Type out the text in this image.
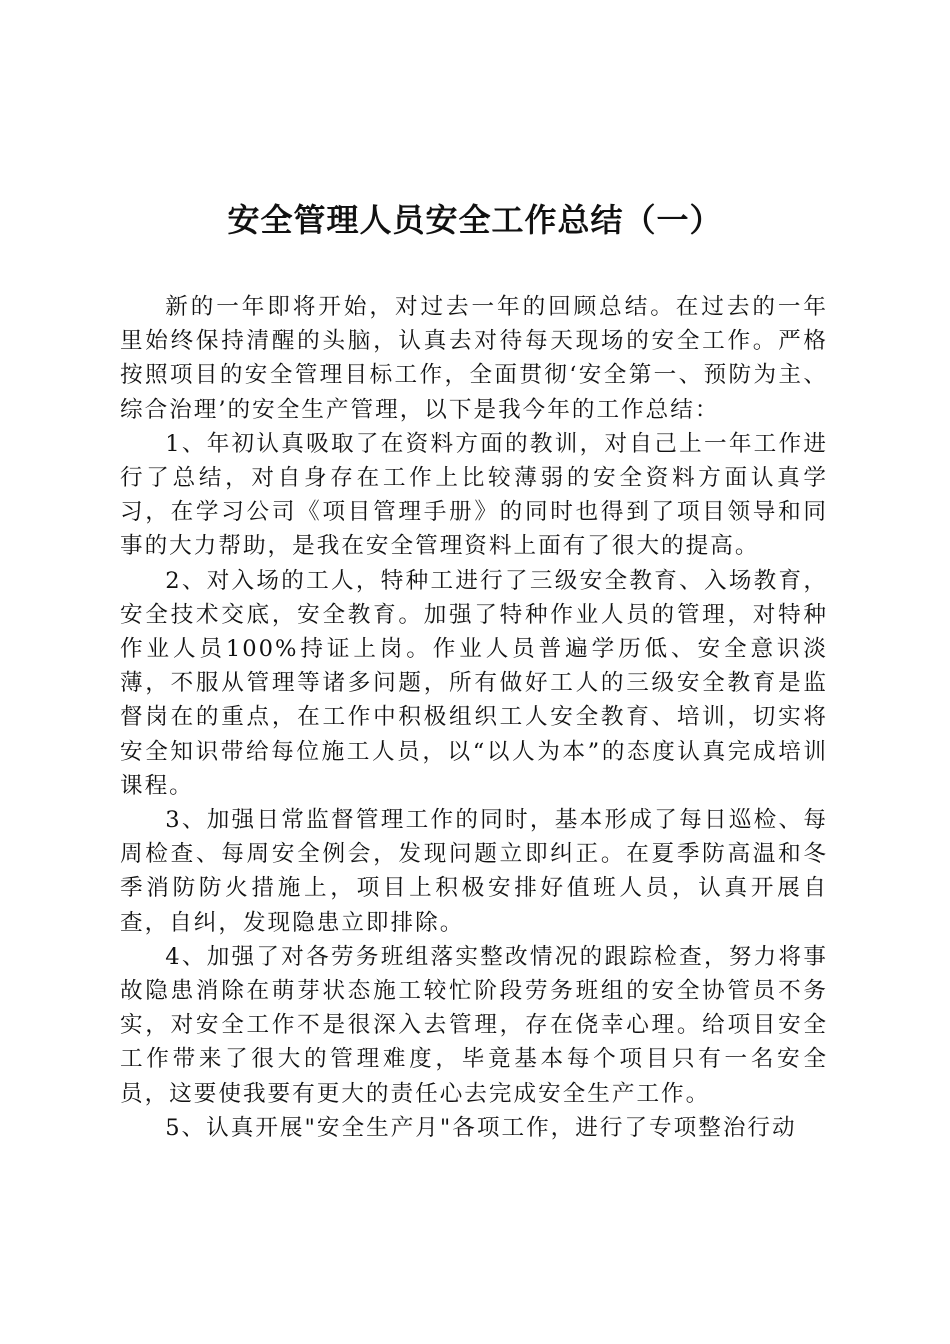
安全管理人员安全工作总结（一）

新的一年即将开始，对过去一年的回顾总结。在过去的一年里始终保持清醒的头脑，认真去对待每天现场的安全工作。严格按照项目的安全管理目标工作，全面贯彻‘安全第一、预防为主、综合治理’的安全生产管理，以下是我今年的工作总结：

1、年初认真吸取了在资料方面的教训，对自己上一年工作进行了总结，对自身存在工作上比较薄弱的安全资料方面认真学习，在学习公司《项目管理手册》的同时也得到了项目领导和同事的大力帮助，是我在安全管理资料上面有了很大的提高。

2、对入场的工人，特种工进行了三级安全教育、入场教育，安全技术交底，安全教育。加强了特种作业人员的管理，对特种作业人员100%持证上岗。作业人员普遍学历低、安全意识淡薄，不服从管理等诸多问题，所有做好工人的三级安全教育是监督岗在的重点，在工作中积极组织工人安全教育、培训，切实将安全知识带给每位施工人员，以“以人为本”的态度认真完成培训课程。

3、加强日常监督管理工作的同时，基本形成了每日巡检、每周检查、每周安全例会，发现问题立即纠正。在夏季防高温和冬季消防防火措施上，项目上积极安排好值班人员，认真开展自查，自纠，发现隐患立即排除。

4、加强了对各劳务班组落实整改情况的跟踪检查，努力将事故隐患消除在萌芽状态施工较忙阶段劳务班组的安全协管员不务实，对安全工作不是很深入去管理，存在侥幸心理。给项目安全工作带来了很大的管理难度，毕竟基本每个项目只有一名安全员，这要使我要有更大的责任心去完成安全生产工作。

5、认真开展"安全生产月"各项工作，进行了专项整治行动
